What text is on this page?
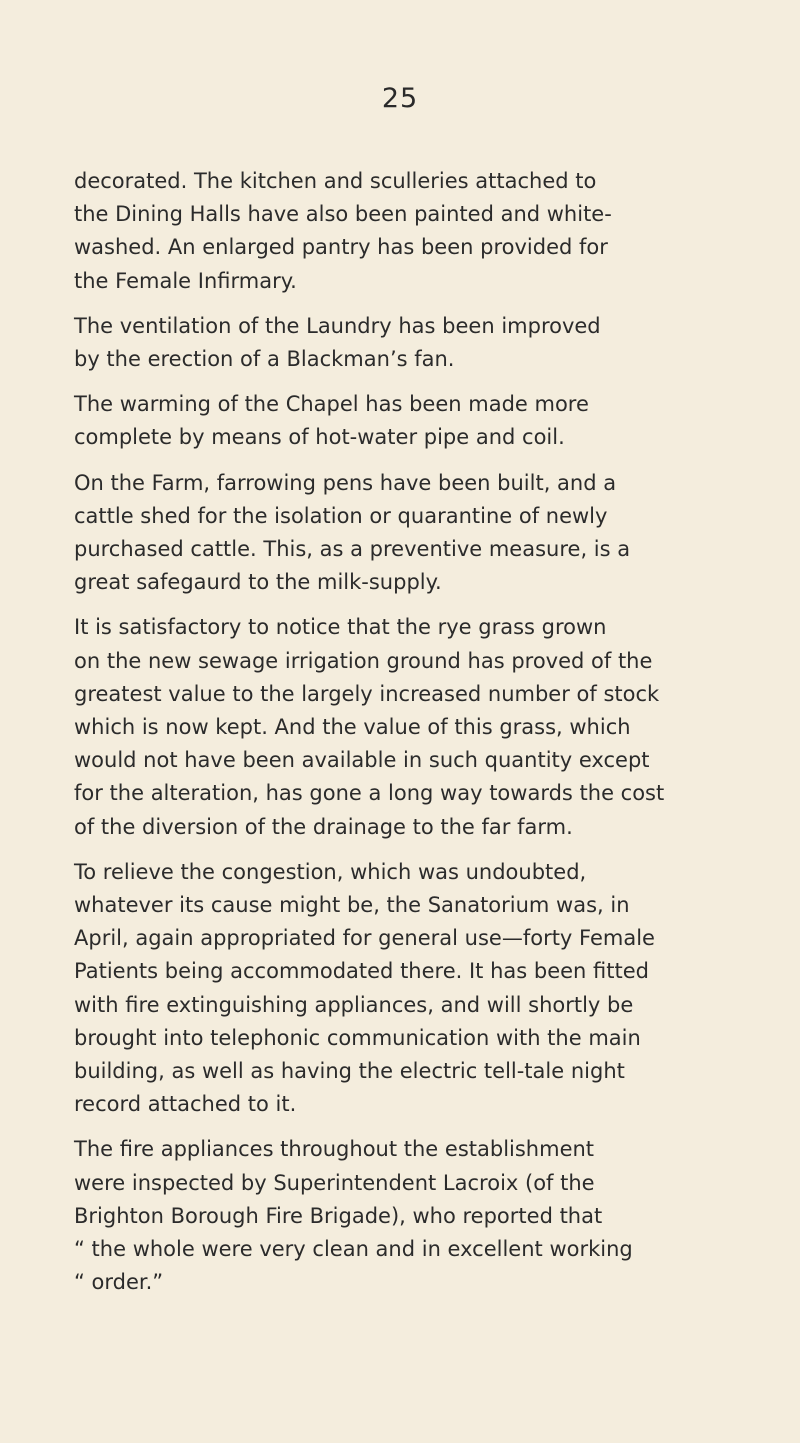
25

decorated. The kitchen and sculleries attached to
the Dining Halls have also been painted and white-
washed. An enlarged pantry has been provided for
the Female Infirmary.

The ventilation of the Laundry has been improved
by the erection of a Blackman’s fan.

The warming of the Chapel has been made more
complete by means of hot-water pipe and coil.

On the Farm, farrowing pens have been built, and a
cattle shed for the isolation or quarantine of newly
purchased cattle. This, as a preventive measure, is a
great safegaurd to the milk-supply.

It is satisfactory to notice that the rye grass grown
on the new sewage irrigation ground has proved of the
greatest value to the largely increased number of stock
which is now kept. And the value of this grass, which
would not have been available in such quantity except
for the alteration, has gone a long way towards the cost
of the diversion of the drainage to the far farm.

To relieve the congestion, which was undoubted,
whatever its cause might be, the Sanatorium was, in
April, again appropriated for general use—forty Female
Patients being accommodated there. It has been fitted
with fire extinguishing appliances, and will shortly be
brought into telephonic communication with the main
building, as well as having the electric tell-tale night
record attached to it.

The fire appliances throughout the establishment
were inspected by Superintendent Lacroix (of the
Brighton Borough Fire Brigade), who reported that
“ the whole were very clean and in excellent working
“ order.”
